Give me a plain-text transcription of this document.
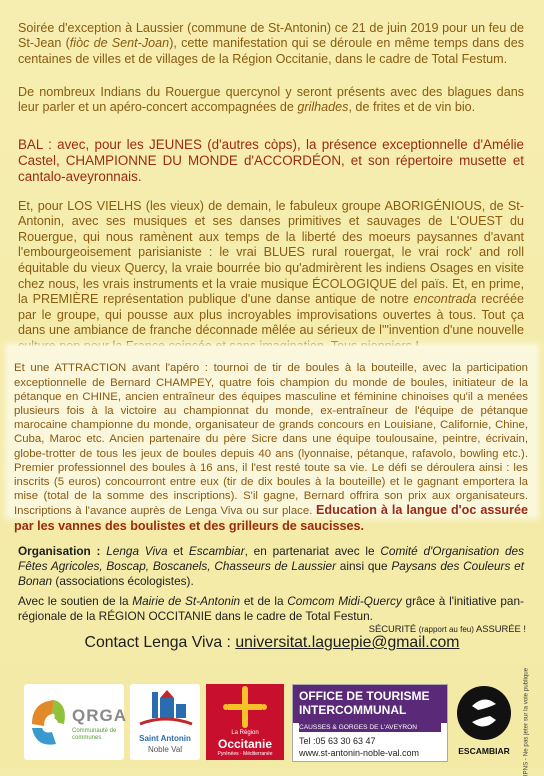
Soirée d'exception à Laussier (commune de St-Antonin) ce 21 de juin 2019 pour un feu de St-Jean (fiòc de Sent-Joan), cette manifestation qui se déroule en même temps dans des centaines de villes et de villages de la Région Occitanie, dans le cadre de Total Festum.

De nombreux Indians du Rouergue quercynol y seront présents avec des blagues dans leur parler et un apéro-concert accompagnées de grilhades, de frites et de vin bio.

BAL : avec, pour les JEUNES (d'autres còps), la présence exceptionnelle d'Amélie Castel, CHAMPIONNE DU MONDE d'ACCORDÉON, et son répertoire musette et cantalo-aveyronnais.

Et, pour LOS VIELHS (les vieux) de demain, le fabuleux groupe ABORIGÉNIOUS, de St-Antonin, avec ses musiques et ses danses primitives et sauvages de L'OUEST du Rouergue, qui nous ramènent aux temps de la liberté des moeurs paysannes d'avant l'embourgeoisement parisianiste : le vrai BLUES rural rouergat, le vrai rock' and roll équitable du vieux Quercy, la vraie bourrée bio qu'admirèrent les indiens Osages en visite chez nous, les vrais instruments et la vraie musique ÉCOLOGIQUE del païs. Et, en prime, la PREMIÈRE représentation publique d'une danse antique de notre encontrada recréée par le groupe, qui pousse aux plus incroyables improvisations ouvertes à tous. Tout ça dans une ambiance de franche déconnade mêlée au sérieux de l'"invention d'une nouvelle

Et une ATTRACTION avant l'apéro : tournoi de tir de boules à la bouteille, avec la participation exceptionnelle de Bernard CHAMPEY, quatre fois champion du monde de boules, initiateur de la pétanque en CHINE, ancien entraîneur des équipes masculine et féminine chinoises qu'il a menées plusieurs fois à la victoire au championnat du monde, ex-entraîneur de l'équipe de pétanque marocaine championne du monde, organisateur de grands concours en Louisiane, Californie, Chine, Cuba, Maroc etc. Ancien partenaire du père Sicre dans une équipe toulousaine, peintre, écrivain, globe-trotter de tous les jeux de boules depuis 40 ans (lyonnaise, pétanque, rafavolo, bowling etc.). Premier professionnel des boules à 16 ans, il l'est resté toute sa vie. Le défi se déroulera ainsi : les inscrits (5 euros) concourront entre eux (tir de dix boules à la bouteille) et le gagnant emportera la mise (total de la somme des inscriptions). S'il gagne, Bernard offrira son prix aux organisateurs. Inscriptions à l'avance auprès de Lenga Viva ou sur place. Education à la langue d'oc assurée par les vannes des boulistes et des grilleurs de saucisses.

Organisation : Lenga Viva et Escambiar, en partenariat avec le Comité d'Organisation des Fêtes Agricoles, Boscap, Boscanels, Chasseurs de Laussier ainsi que Paysans des Couleurs et Bonan (associations écologistes).

Avec le soutien de la Mairie de St-Antonin et de la Comcom Midi-Quercy grâce à l'initiative pan-régionale de la RÉGION OCCITANIE dans le cadre de Total Festun.

SÉCURITÉ (rapport au feu) ASSURÉE !

Contact Lenga Viva : universitat.laguepie@gmail.com
QRGA
Communauté de communes	Saint Antonin
Noble Val
La Région
Occitanie
Pyrénées · Méditerranée
OFFICE DE TOURISME
INTERCOMMUNAL
CAUSSES & GORGES DE L'AVEYRON
Tel :05 63 30 63 47
www.st-antonin-noble-val.com	ESCAMBIAR	IPNS - Ne pas jeter sur la voie publique
